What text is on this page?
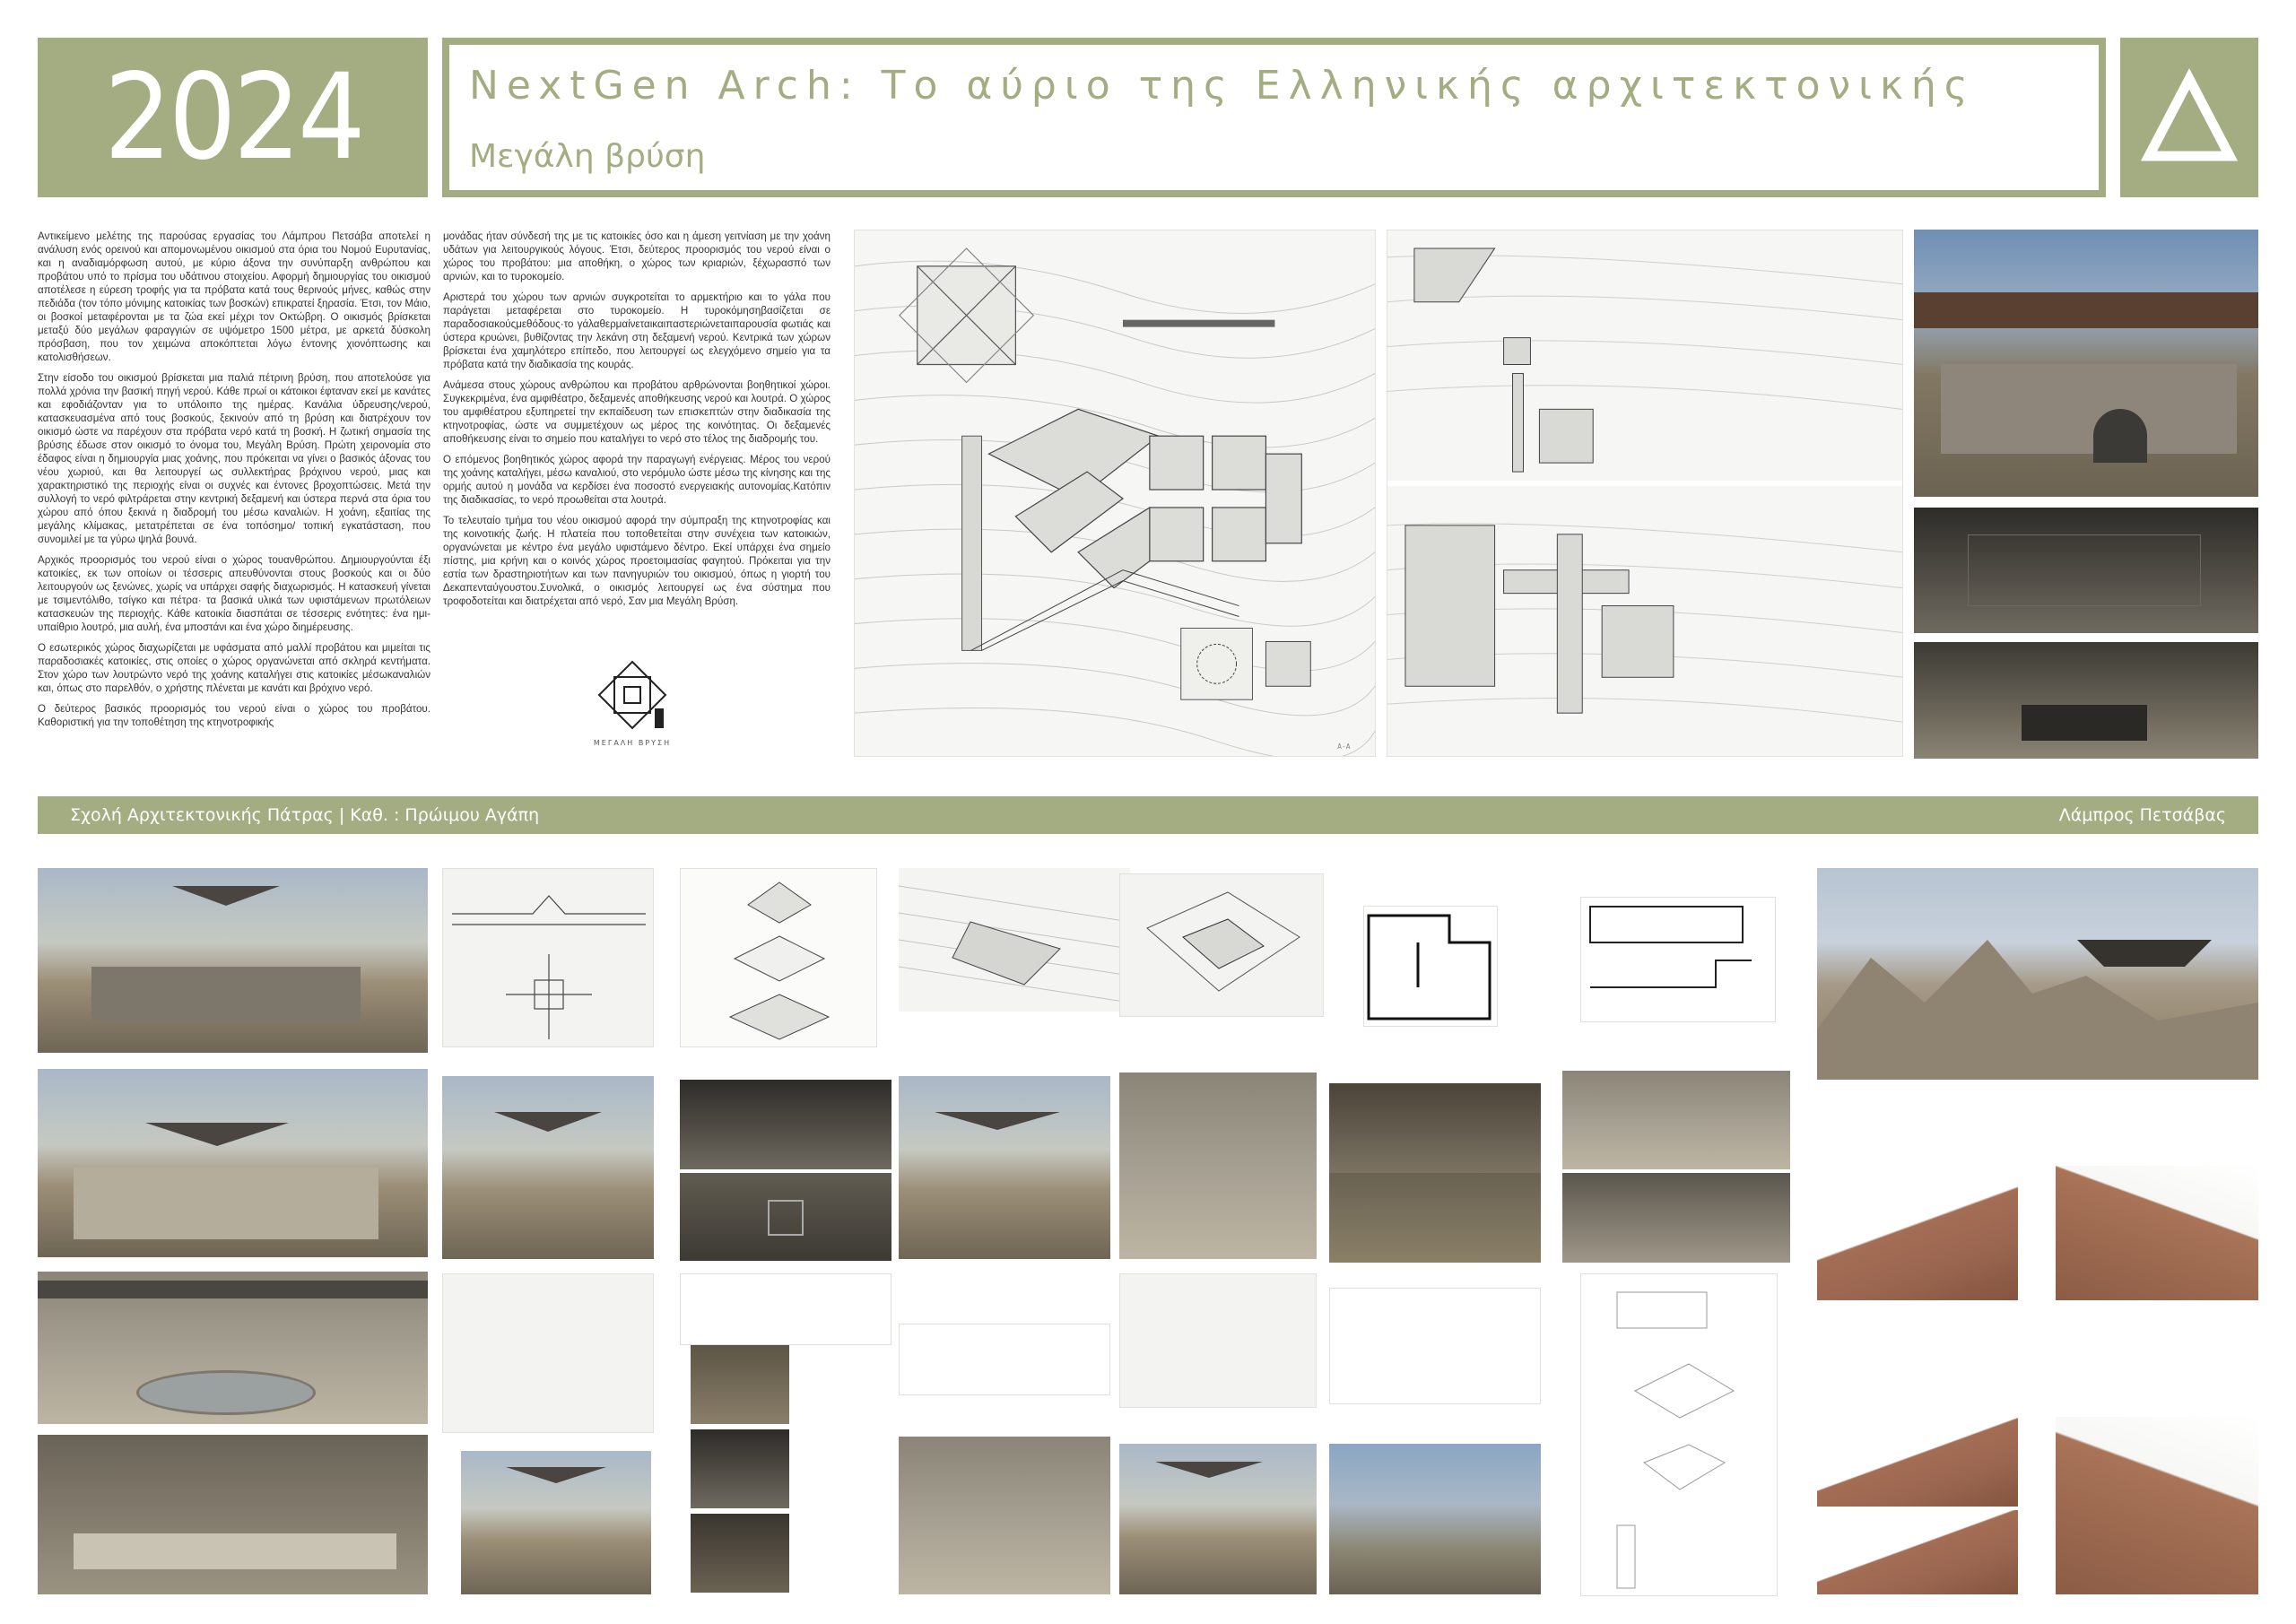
2024	NextGen Arch: Το αύριο της Ελληνικής αρχιτεκτονικής
Μεγάλη βρύση

Αντικείμενο μελέτης της παρούσας εργασίας του Λάμπρου Πετσάβα αποτελεί η ανάλυση ενός ορεινού και απομονωμένου οικισμού στα όρια του Νομού Ευρυτανίας, και η αναδιαμόρφωση αυτού, με κύριο άξονα την συνύπαρξη ανθρώπου και προβάτου υπό το πρίσμα του υδάτινου στοιχείου. Αφορμή δημιουργίας του οικισμού αποτέλεσε η εύρεση τροφής για τα πρόβατα κατά τους θερινούς μήνες, καθώς στην πεδιάδα (τον τόπο μόνιμης κατοικίας των βοσκών) επικρατεί ξηρασία. Έτσι, τον Μάιο, οι βοσκοί μεταφέρονται με τα ζώα εκεί μέχρι τον Οκτώβρη. Ο οικισμός βρίσκεται μεταξύ δύο μεγάλων φαραγγιών σε υψόμετρο 1500 μέτρα, με αρκετά δύσκολη πρόσβαση, που τον χειμώνα αποκόπτεται λόγω έντονης χιονόπτωσης και κατολισθήσεων.

Στην είσοδο του οικισμού βρίσκεται μια παλιά πέτρινη βρύση, που αποτελούσε για πολλά χρόνια την βασική πηγή νερού. Κάθε πρωί οι κάτοικοι έφταναν εκεί με κανάτες και εφοδιάζονταν για το υπόλοιπο της ημέρας. Κανάλια ύδρευσης/νερού, κατασκευασμένα από τους βοσκούς, ξεκινούν από τη βρύση και διατρέχουν τον οικισμό ώστε να παρέχουν στα πρόβατα νερό κατά τη βοσκή. Η ζωτική σημασία της βρύσης έδωσε στον οικισμό το όνομα του, Μεγάλη Βρύση. Πρώτη χειρονομία στο έδαφος είναι η δημιουργία μιας χοάνης, που πρόκειται να γίνει ο βασικός άξονας του νέου χωριού, και θα λειτουργεί ως συλλεκτήρας βρόχινου νερού, μιας και χαρακτηριστικό της περιοχής είναι οι συχνές και έντονες βροχοπτώσεις. Μετά την συλλογή το νερό φιλτράρεται στην κεντρική δεξαμενή και ύστερα περνά στα όρια του χώρου από όπου ξεκινά η διαδρομή του μέσω καναλιών. Η χοάνη, εξαιτίας της μεγάλης κλίμακας, μετατρέπεται σε ένα τοπόσημο/ τοπική εγκατάσταση, που συνομιλεί με τα γύρω ψηλά βουνά.

Αρχικός προορισμός του νερού είναι ο χώρος τουανθρώπου. Δημιουργούνται έξι κατοικίες, εκ των οποίων οι τέσσερις απευθύνονται στους βοσκούς και οι δύο λειτουργούν ως ξενώνες, χωρίς να υπάρχει σαφής διαχωρισμός. Η κατασκευή γίνεται με τσιμεντόλιθο, τσίγκο και πέτρα· τα βασικά υλικά των υφιστάμενων πρωτόλειων κατασκευών της περιοχής. Κάθε κατοικία διασπάται σε τέσσερις ενότητες: ένα ημι-υπαίθριο λουτρό, μια αυλή, ένα μποστάνι και ένα χώρο διημέρευσης.

Ο εσωτερικός χώρος διαχωρίζεται με υφάσματα από μαλλί προβάτου και μιμείται τις παραδοσιακές κατοικίες, στις οποίες ο χώρος οργανώνεται από σκληρά κεντήματα. Στον χώρο των λουτρώντο νερό της χοάνης καταλήγει στις κατοικίες μέσωκαναλιών και, όπως στο παρελθόν, ο χρήστης πλένεται με κανάτι και βρόχινο νερό.

Ο δεύτερος βασικός προορισμός του νερού είναι ο χώρος του προβάτου. Καθοριστική για την τοποθέτηση της κτηνοτροφικής

μονάδας ήταν σύνδεσή της με τις κατοικίες όσο και η άμεση γειτνίαση με την χοάνη υδάτων για λειτουργικούς λόγους. Έτσι, δεύτερος προορισμός του νερού είναι ο χώρος του προβάτου: μια αποθήκη, ο χώρος των κριαριών, ξέχωρασπό των αρνιών, και το τυροκομείο.

Αριστερά του χώρου των αρνιών συγκροτείται το αρμεκτήριο και το γάλα που παράγεται μεταφέρεται στο τυροκομείο. Η τυροκόμησηβασίζεται σε παραδοσιακούςμεθόδους·το γάλαθερμαίνεταικαιπαστεριώνεταιπαρουσία φωτιάς και ύστερα κρυώνει, βυθίζοντας την λεκάνη στη δεξαμενή νερού. Κεντρικά των χώρων βρίσκεται ένα χαμηλότερο επίπεδο, που λειτουργεί ως ελεγχόμενο σημείο για τα πρόβατα κατά την διαδικασία της κουράς.

Ανάμεσα στους χώρους ανθρώπου και προβάτου αρθρώνονται βοηθητικοί χώροι. Συγκεκριμένα, ένα αμφιθέατρο, δεξαμενές αποθήκευσης νερού και λουτρά. Ο χώρος του αμφιθέατρου εξυπηρετεί την εκπαίδευση των επισκεπτών στην διαδικασία της κτηνοτροφίας, ώστε να συμμετέχουν ως μέρος της κοινότητας. Οι δεξαμενές αποθήκευσης είναι το σημείο που καταλήγει το νερό στο τέλος της διαδρομής του.

Ο επόμενος βοηθητικός χώρος αφορά την παραγωγή ενέργειας. Μέρος του νερού της χοάνης καταλήγει, μέσω καναλιού, στο νερόμυλο ώστε μέσω της κίνησης και της ορμής αυτού η μονάδα να κερδίσει ένα ποσοστό ενεργειακής αυτονομίας.Κατόπιν της διαδικασίας, το νερό προωθείται στα λουτρά.

Το τελευταίο τμήμα του νέου οικισμού αφορά την σύμπραξη της κτηνοτροφίας και της κοινοτικής ζωής. Η πλατεία που τοποθετείται στην συνέχεια των κατοικιών, οργανώνεται με κέντρο ένα μεγάλο υφιστάμενο δέντρο. Εκεί υπάρχει ένα σημείο πίστης, μια κρήνη και ο κοινός χώρος προετοιμασίας φαγητού. Πρόκειται για την εστία των δραστηριοτήτων και των πανηγυριών του οικισμού, όπως η γιορτή του Δεκαπενταύγουστου.Συνολικά, ο οικισμός λειτουργεί ως ένα σύστημα που τροφοδοτείται και διατρέχεται από νερό, Σαν μια Μεγάλη Βρύση.

Α-Α
ΜΕΓΑΛΗ ΒΡΥΣΗ
Σχολή Αρχιτεκτονικής Πάτρας | Καθ. : Πρώιμου Αγάπη	Λάμπρος Πετσάβας
